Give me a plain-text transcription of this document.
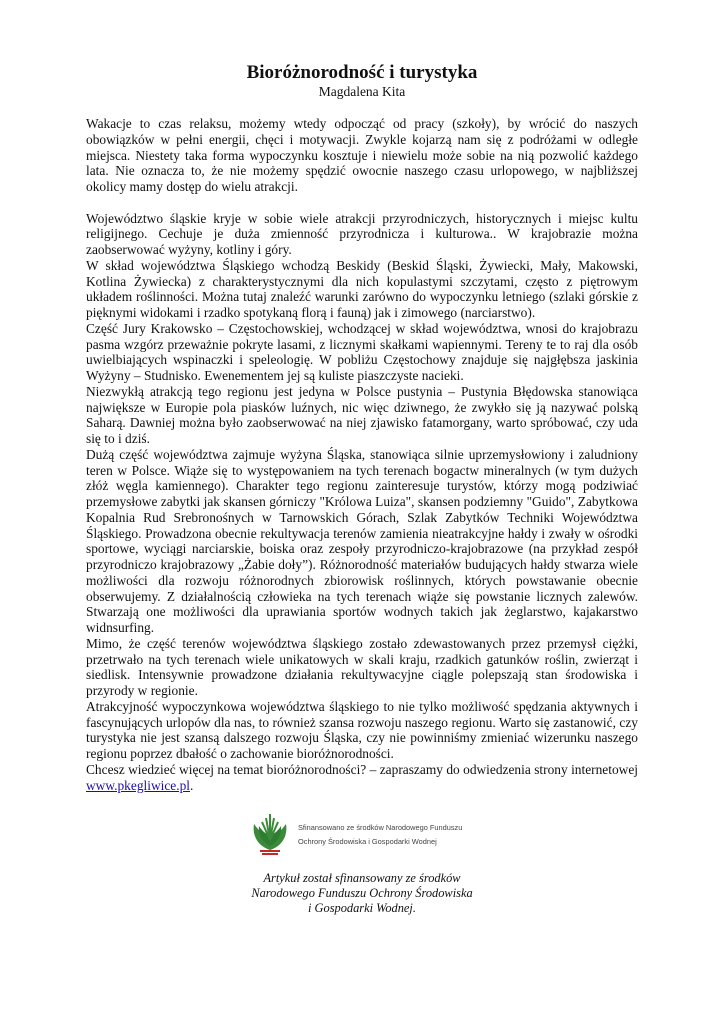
Bioróżnorodność i turystyka
Magdalena Kita

Wakacje to czas relaksu, możemy wtedy odpocząć od pracy (szkoły), by wrócić do naszych obowiązków w pełni energii, chęci i motywacji. Zwykle kojarzą nam się z podróżami w odległe miejsca. Niestety taka forma wypoczynku kosztuje i niewielu może sobie na nią pozwolić każdego lata. Nie oznacza to, że nie możemy spędzić owocnie naszego czasu urlopowego, w najbliższej okolicy mamy dostęp do wielu atrakcji.

Województwo śląskie kryje w sobie wiele atrakcji przyrodniczych, historycznych i miejsc kultu religijnego. Cechuje je duża zmienność przyrodnicza i kulturowa.. W krajobrazie można zaobserwować wyżyny, kotliny i góry.

W skład województwa Śląskiego wchodzą Beskidy (Beskid Śląski, Żywiecki, Mały, Makowski, Kotlina Żywiecka) z charakterystycznymi dla nich kopulastymi szczytami, często z piętrowym układem roślinności. Można tutaj znaleźć warunki zarówno do wypoczynku letniego (szlaki górskie z pięknymi widokami i rzadko spotykaną florą i fauną) jak i zimowego (narciarstwo).

Część Jury Krakowsko – Częstochowskiej, wchodzącej w skład województwa, wnosi do krajobrazu pasma wzgórz przeważnie pokryte lasami, z licznymi skałkami wapiennymi. Tereny te to raj dla osób uwielbiających wspinaczki i speleologię. W pobliżu Częstochowy znajduje się najgłębsza jaskinia Wyżyny – Studnisko. Ewenementem jej są kuliste piaszczyste nacieki.

Niezwykłą atrakcją tego regionu jest jedyna w Polsce pustynia – Pustynia Błędowska stanowiąca największe w Europie pola piasków luźnych, nic więc dziwnego, że zwykło się ją nazywać polską Saharą. Dawniej można było zaobserwować na niej zjawisko fatamorgany, warto spróbować, czy uda się to i dziś.

Dużą część województwa zajmuje wyżyna Śląska, stanowiąca silnie uprzemysłowiony i zaludniony teren w Polsce. Wiąże się to występowaniem na tych terenach bogactw mineralnych (w tym dużych złóż węgla kamiennego). Charakter tego regionu zainteresuje turystów, którzy mogą podziwiać przemysłowe zabytki jak skansen górniczy "Królowa Luiza", skansen podziemny "Guido", Zabytkowa Kopalnia Rud Srebronośnych w Tarnowskich Górach, Szlak Zabytków Techniki Województwa Śląskiego. Prowadzona obecnie rekultywacja terenów zamienia nieatrakcyjne hałdy i zwały w ośrodki sportowe, wyciągi narciarskie, boiska oraz zespoły przyrodniczo-krajobrazowe (na przykład zespół przyrodniczo krajobrazowy „Żabie doły”). Różnorodność materiałów budujących hałdy stwarza wiele możliwości dla rozwoju różnorodnych zbiorowisk roślinnych, których powstawanie obecnie obserwujemy. Z działalnością człowieka na tych terenach wiąże się powstanie licznych zalewów. Stwarzają one możliwości dla uprawiania sportów wodnych takich jak żeglarstwo, kajakarstwo widnsurfing.

Mimo, że część terenów województwa śląskiego zostało zdewastowanych przez przemysł ciężki, przetrwało na tych terenach wiele unikatowych w skali kraju, rzadkich gatunków roślin, zwierząt i siedlisk. Intensywnie prowadzone działania rekultywacyjne ciągle polepszają stan środowiska i przyrody w regionie.

Atrakcyjność wypoczynkowa województwa śląskiego to nie tylko możliwość spędzania aktywnych i fascynujących urlopów dla nas, to również szansa rozwoju naszego regionu. Warto się zastanowić, czy turystyka nie jest szansą dalszego rozwoju Śląska, czy nie powinniśmy zmieniać wizerunku naszego regionu poprzez dbałość o zachowanie bioróżnorodności.

Chcesz wiedzieć więcej na temat bioróżnorodności? – zapraszamy do odwiedzenia strony internetowej www.pkegliwice.pl.

Sfinansowano ze środków Narodowego Funduszu
Ochrony Środowiska i Gospodarki Wodnej
Artykuł został sfinansowany ze środków
Narodowego Funduszu Ochrony Środowiska
i Gospodarki Wodnej.
